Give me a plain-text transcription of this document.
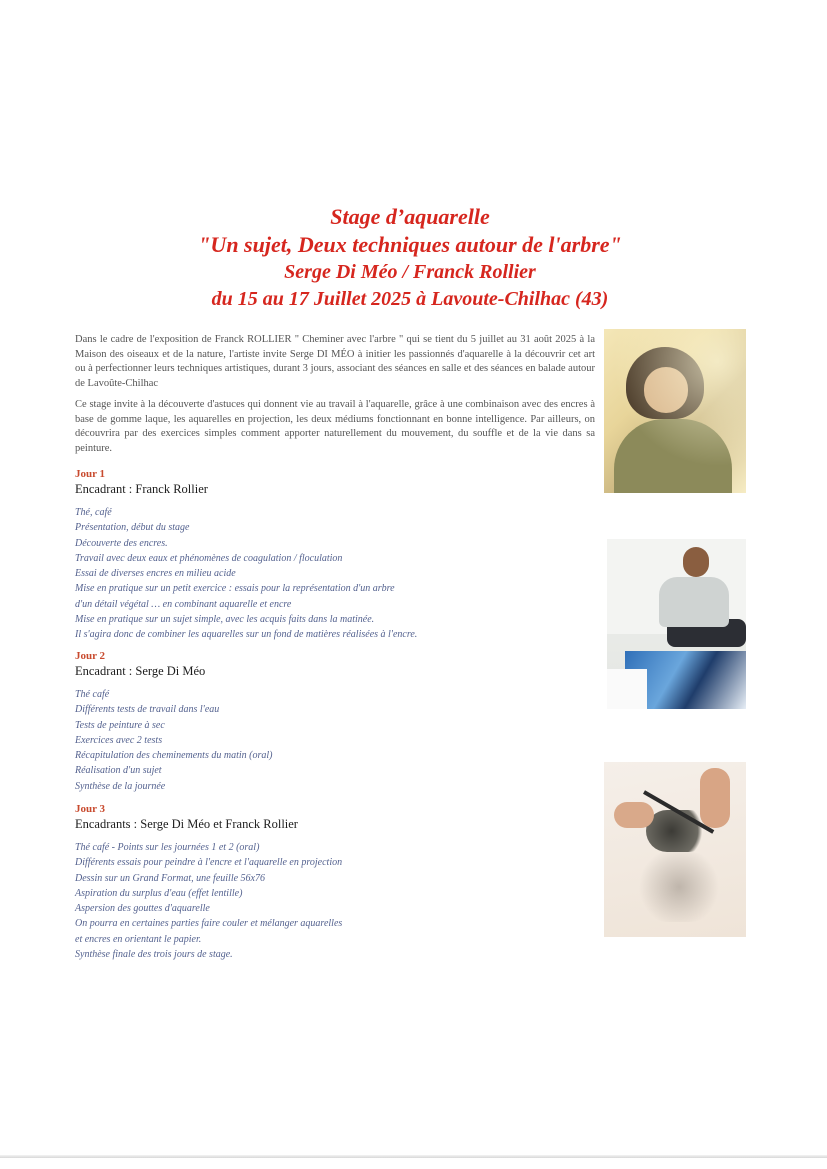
Stage d’aquarelle
"Un sujet, Deux techniques autour de l'arbre"
Serge Di Méo / Franck Rollier
du 15 au 17 Juillet 2025 à Lavoute-Chilhac (43)

Dans le cadre de l'exposition de Franck ROLLIER " Cheminer avec l'arbre " qui se tient du 5 juillet au 31 août 2025 à la Maison des oiseaux et de la nature, l'artiste invite Serge DI MÉO à initier les passionnés d'aquarelle à la découvrir cet art ou à perfectionner leurs techniques artistiques, durant 3 jours, associant des séances en salle et des séances en balade autour de Lavoûte-Chilhac

Ce stage invite à la découverte d'astuces qui donnent vie au travail à l'aquarelle, grâce à une combinaison avec des encres à base de gomme laque, les aquarelles en projection, les deux médiums fonctionnant en bonne intelligence. Par ailleurs, on découvrira par des exercices simples comment apporter naturellement du mouvement, du souffle et de la vie dans sa peinture.

Jour 1
Encadrant : Franck Rollier
Thé, café
Présentation, début du stage
Découverte des encres.
Travail avec deux eaux et phénomènes de coagulation / floculation
Essai de diverses encres en milieu acide
Mise en pratique sur un petit exercice : essais pour la représentation d'un arbre
d'un détail végétal … en combinant aquarelle et encre
Mise en pratique sur un sujet simple, avec les acquis faits dans la matinée.
Il s'agira donc de combiner les aquarelles sur un fond de matières réalisées à l'encre.
Jour 2
Encadrant : Serge Di Méo
Thé café
Différents tests de travail dans l'eau
Tests de peinture à sec
Exercices avec 2 tests
Récapitulation des cheminements du matin (oral)
Réalisation d'un sujet
Synthèse de la journée
Jour 3
Encadrants : Serge Di Méo et Franck Rollier
Thé café - Points sur les journées 1 et 2 (oral)
Différents essais pour peindre à l'encre et l'aquarelle en projection
Dessin sur un Grand Format, une feuille 56x76
Aspiration du surplus d'eau (effet lentille)
Aspersion des gouttes d'aquarelle
On pourra en certaines parties faire couler et mélanger aquarelles
et encres en orientant le papier.
Synthèse finale des trois jours de stage.
